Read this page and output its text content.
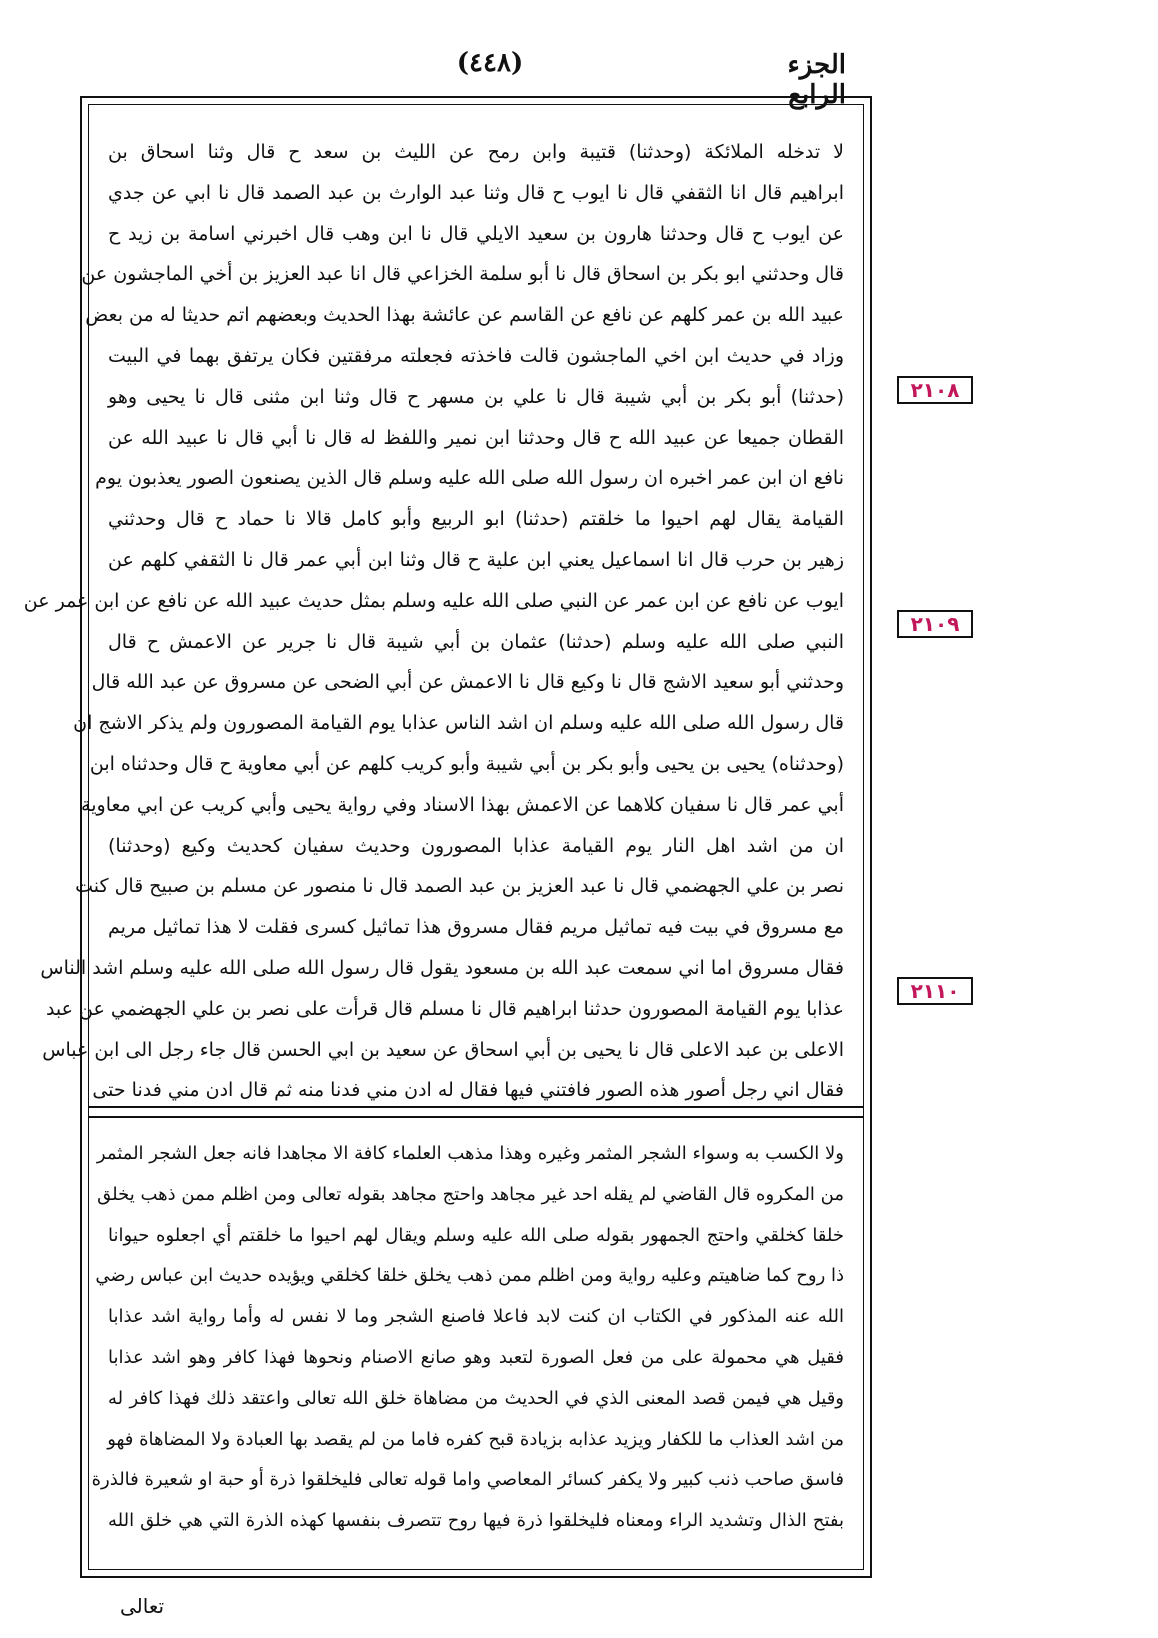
(٤٤٨)	الجزء الرابع
لا تدخله الملائكة (وحدثنا) قتيبة وابن رمح عن الليث بن سعد ح قال وثنا اسحاق بن
ابراهيم قال انا الثقفي قال نا ايوب ح قال وثنا عبد الوارث بن عبد الصمد قال نا ابي عن جدي
عن ايوب ح قال وحدثنا هارون بن سعيد الايلي قال نا ابن وهب قال اخبرني اسامة بن زيد ح
قال وحدثني ابو بكر بن اسحاق قال نا أبو سلمة الخزاعي قال انا عبد العزيز بن أخي الماجشون عن
عبيد الله بن عمر كلهم عن نافع عن القاسم عن عائشة بهذا الحديث وبعضهم اتم حديثا له من بعض
وزاد في حديث ابن اخي الماجشون قالت فاخذته فجعلته مرفقتين فكان يرتفق بهما في البيت
(حدثنا) أبو بكر بن أبي شيبة قال نا علي بن مسهر ح قال وثنا ابن مثنى قال نا يحيى وهو
القطان جميعا عن عبيد الله ح قال وحدثنا ابن نمير واللفظ له قال نا أبي قال نا عبيد الله عن
نافع ان ابن عمر اخبره ان رسول الله صلى الله عليه وسلم قال الذين يصنعون الصور يعذبون يوم
القيامة يقال لهم احيوا ما خلقتم (حدثنا) ابو الربيع وأبو كامل قالا نا حماد ح قال وحدثني
زهير بن حرب قال انا اسماعيل يعني ابن علية ح قال وثنا ابن أبي عمر قال نا الثقفي كلهم عن
ايوب عن نافع عن ابن عمر عن النبي صلى الله عليه وسلم بمثل حديث عبيد الله عن نافع عن ابن عمر عن
النبي صلى الله عليه وسلم (حدثنا) عثمان بن أبي شيبة قال نا جرير عن الاعمش ح قال
وحدثني أبو سعيد الاشج قال نا وكيع قال نا الاعمش عن أبي الضحى عن مسروق عن عبد الله قال
قال رسول الله صلى الله عليه وسلم ان اشد الناس عذابا يوم القيامة المصورون ولم يذكر الاشج ان
(وحدثناه) يحيى بن يحيى وأبو بكر بن أبي شيبة وأبو كريب كلهم عن أبي معاوية ح قال وحدثناه ابن
أبي عمر قال نا سفيان كلاهما عن الاعمش بهذا الاسناد وفي رواية يحيى وأبي كريب عن ابي معاوية
ان من اشد اهل النار يوم القيامة عذابا المصورون وحديث سفيان كحديث وكيع (وحدثنا)
نصر بن علي الجهضمي قال نا عبد العزيز بن عبد الصمد قال نا منصور عن مسلم بن صبيح قال كنت
مع مسروق في بيت فيه تماثيل مريم فقال مسروق هذا تماثيل كسرى فقلت لا هذا تماثيل مريم
فقال مسروق اما اني سمعت عبد الله بن مسعود يقول قال رسول الله صلى الله عليه وسلم اشد الناس
عذابا يوم القيامة المصورون حدثنا ابراهيم قال نا مسلم قال قرأت على نصر بن علي الجهضمي عن عبد
الاعلى بن عبد الاعلى قال نا يحيى بن أبي اسحاق عن سعيد بن ابي الحسن قال جاء رجل الى ابن عباس
فقال اني رجل أصور هذه الصور فافتني فيها فقال له ادن مني فدنا منه ثم قال ادن مني فدنا حتى
ولا الكسب به وسواء الشجر المثمر وغيره وهذا مذهب العلماء كافة الا مجاهدا فانه جعل الشجر المثمر
من المكروه قال القاضي لم يقله احد غير مجاهد واحتج مجاهد بقوله تعالى ومن اظلم ممن ذهب يخلق
خلقا كخلقي واحتج الجمهور بقوله صلى الله عليه وسلم ويقال لهم احيوا ما خلقتم أي اجعلوه حيوانا
ذا روح كما ضاهيتم وعليه رواية ومن اظلم ممن ذهب يخلق خلقا كخلقي ويؤيده حديث ابن عباس رضي
الله عنه المذكور في الكتاب ان كنت لابد فاعلا فاصنع الشجر وما لا نفس له وأما رواية اشد عذابا
فقيل هي محمولة على من فعل الصورة لتعبد وهو صانع الاصنام ونحوها فهذا كافر وهو اشد عذابا
وقيل هي فيمن قصد المعنى الذي في الحديث من مضاهاة خلق الله تعالى واعتقد ذلك فهذا كافر له
من اشد العذاب ما للكفار ويزيد عذابه بزيادة قبح كفره فاما من لم يقصد بها العبادة ولا المضاهاة فهو
فاسق صاحب ذنب كبير ولا يكفر كسائر المعاصي واما قوله تعالى فليخلقوا ذرة أو حبة او شعيرة فالذرة
بفتح الذال وتشديد الراء ومعناه فليخلقوا ذرة فيها روح تتصرف بنفسها كهذه الذرة التي هي خلق الله
٢١٠٨
٢١٠٩
٢١١٠
تعالى
